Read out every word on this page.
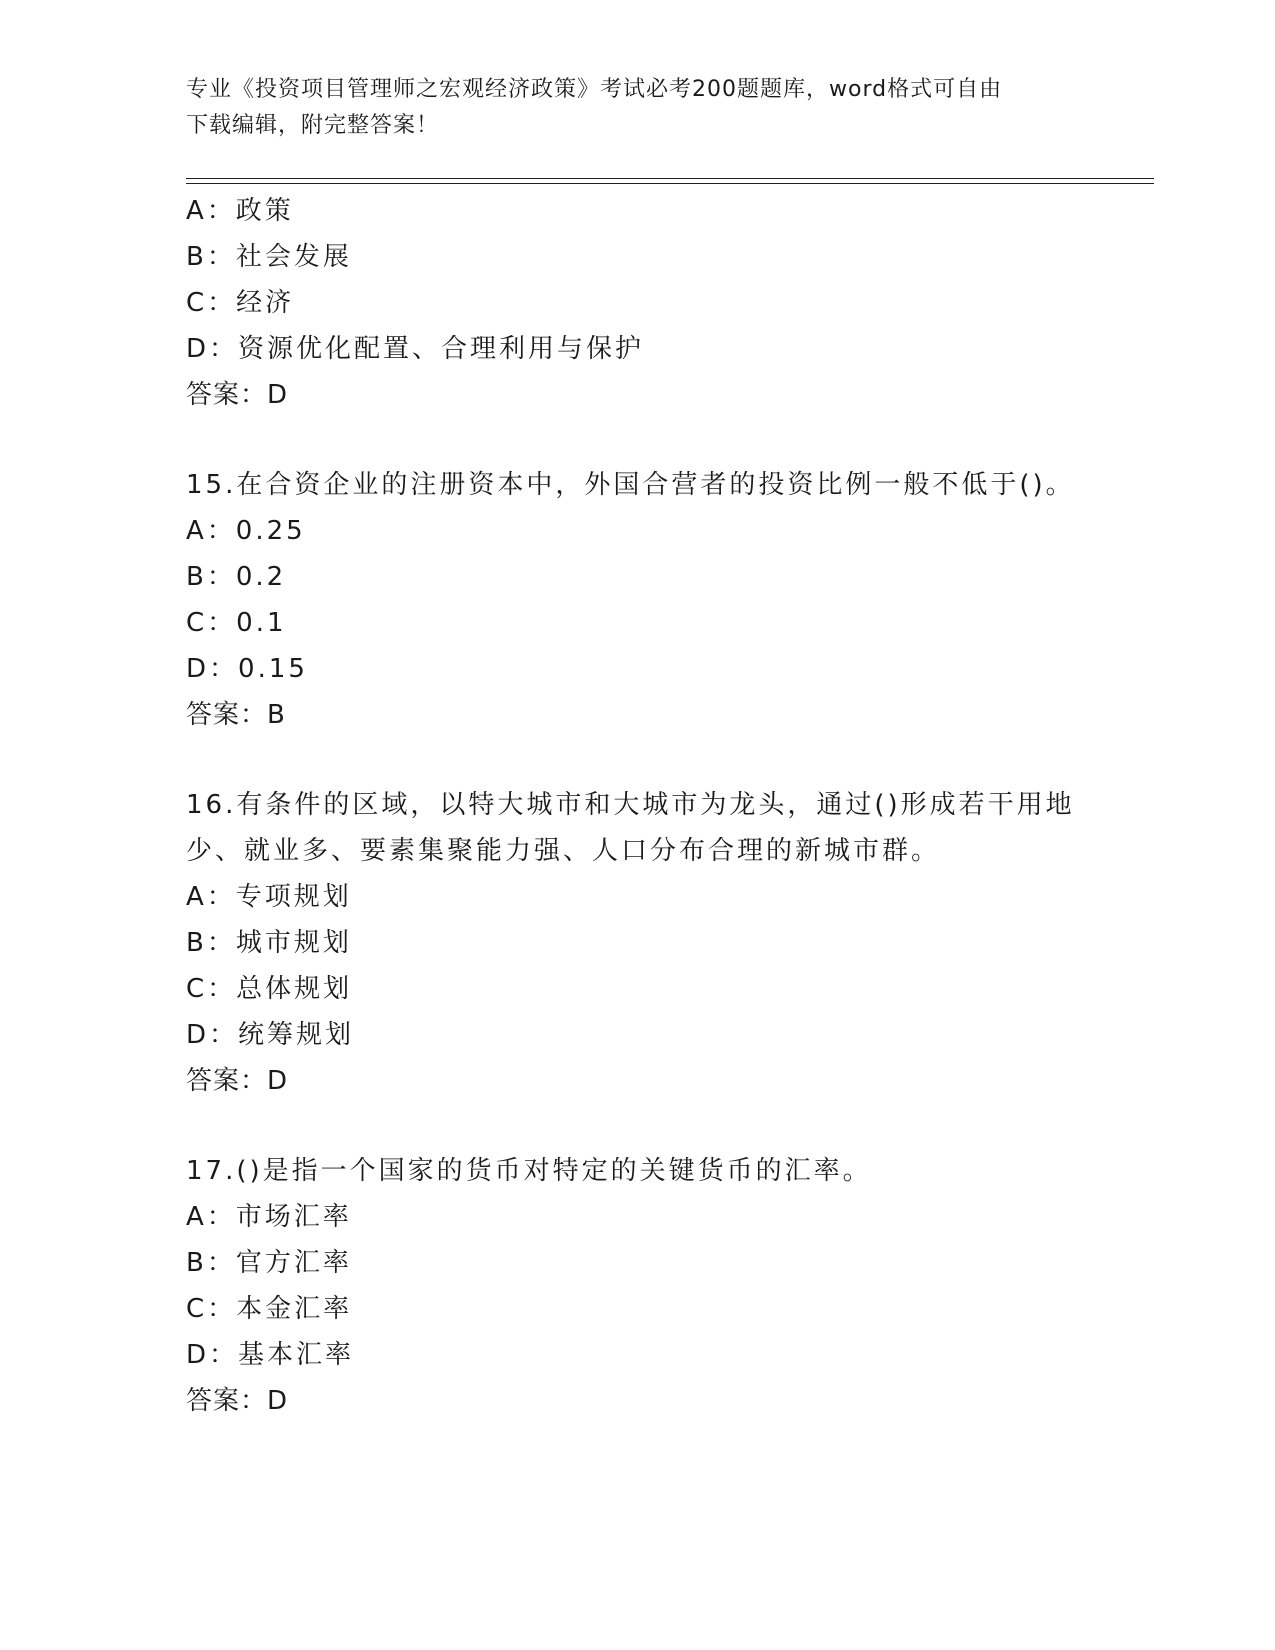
专业《投资项目管理师之宏观经济政策》考试必考200题题库，word格式可自由
下载编辑，附完整答案！
A：政策
B：社会发展
C：经济
D：资源优化配置、合理利用与保护
答案：D
15.在合资企业的注册资本中，外国合营者的投资比例一般不低于()。
A：0.25
B：0.2
C：0.1
D：0.15
答案：B
16.有条件的区域，以特大城市和大城市为龙头，通过()形成若干用地
少、就业多、要素集聚能力强、人口分布合理的新城市群。
A：专项规划
B：城市规划
C：总体规划
D：统筹规划
答案：D
17.()是指一个国家的货币对特定的关键货币的汇率。
A：市场汇率
B：官方汇率
C：本金汇率
D：基本汇率
答案：D
